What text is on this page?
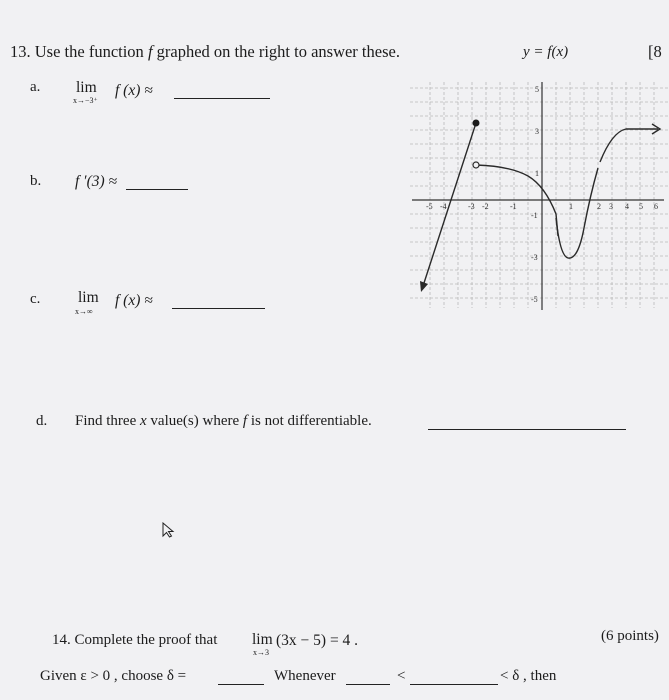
13. Use the function f graphed on the right to answer these.	y = f(x)	[8
a. lim
x→−3⁺
f (x) ≈
b. f ′(3) ≈
c. lim
x→∞
f (x) ≈
d. Find three x value(s) where f is not differentiable.
-5 -4	-3 -2	-1	1	2 3 4 5 6
5
3
1
-1
-3
-5
14. Complete the proof that lim
x→3
(3x − 5) = 4 .	(6 points)
Given ε > 0 , choose δ =	Whenever	<	< δ , then
